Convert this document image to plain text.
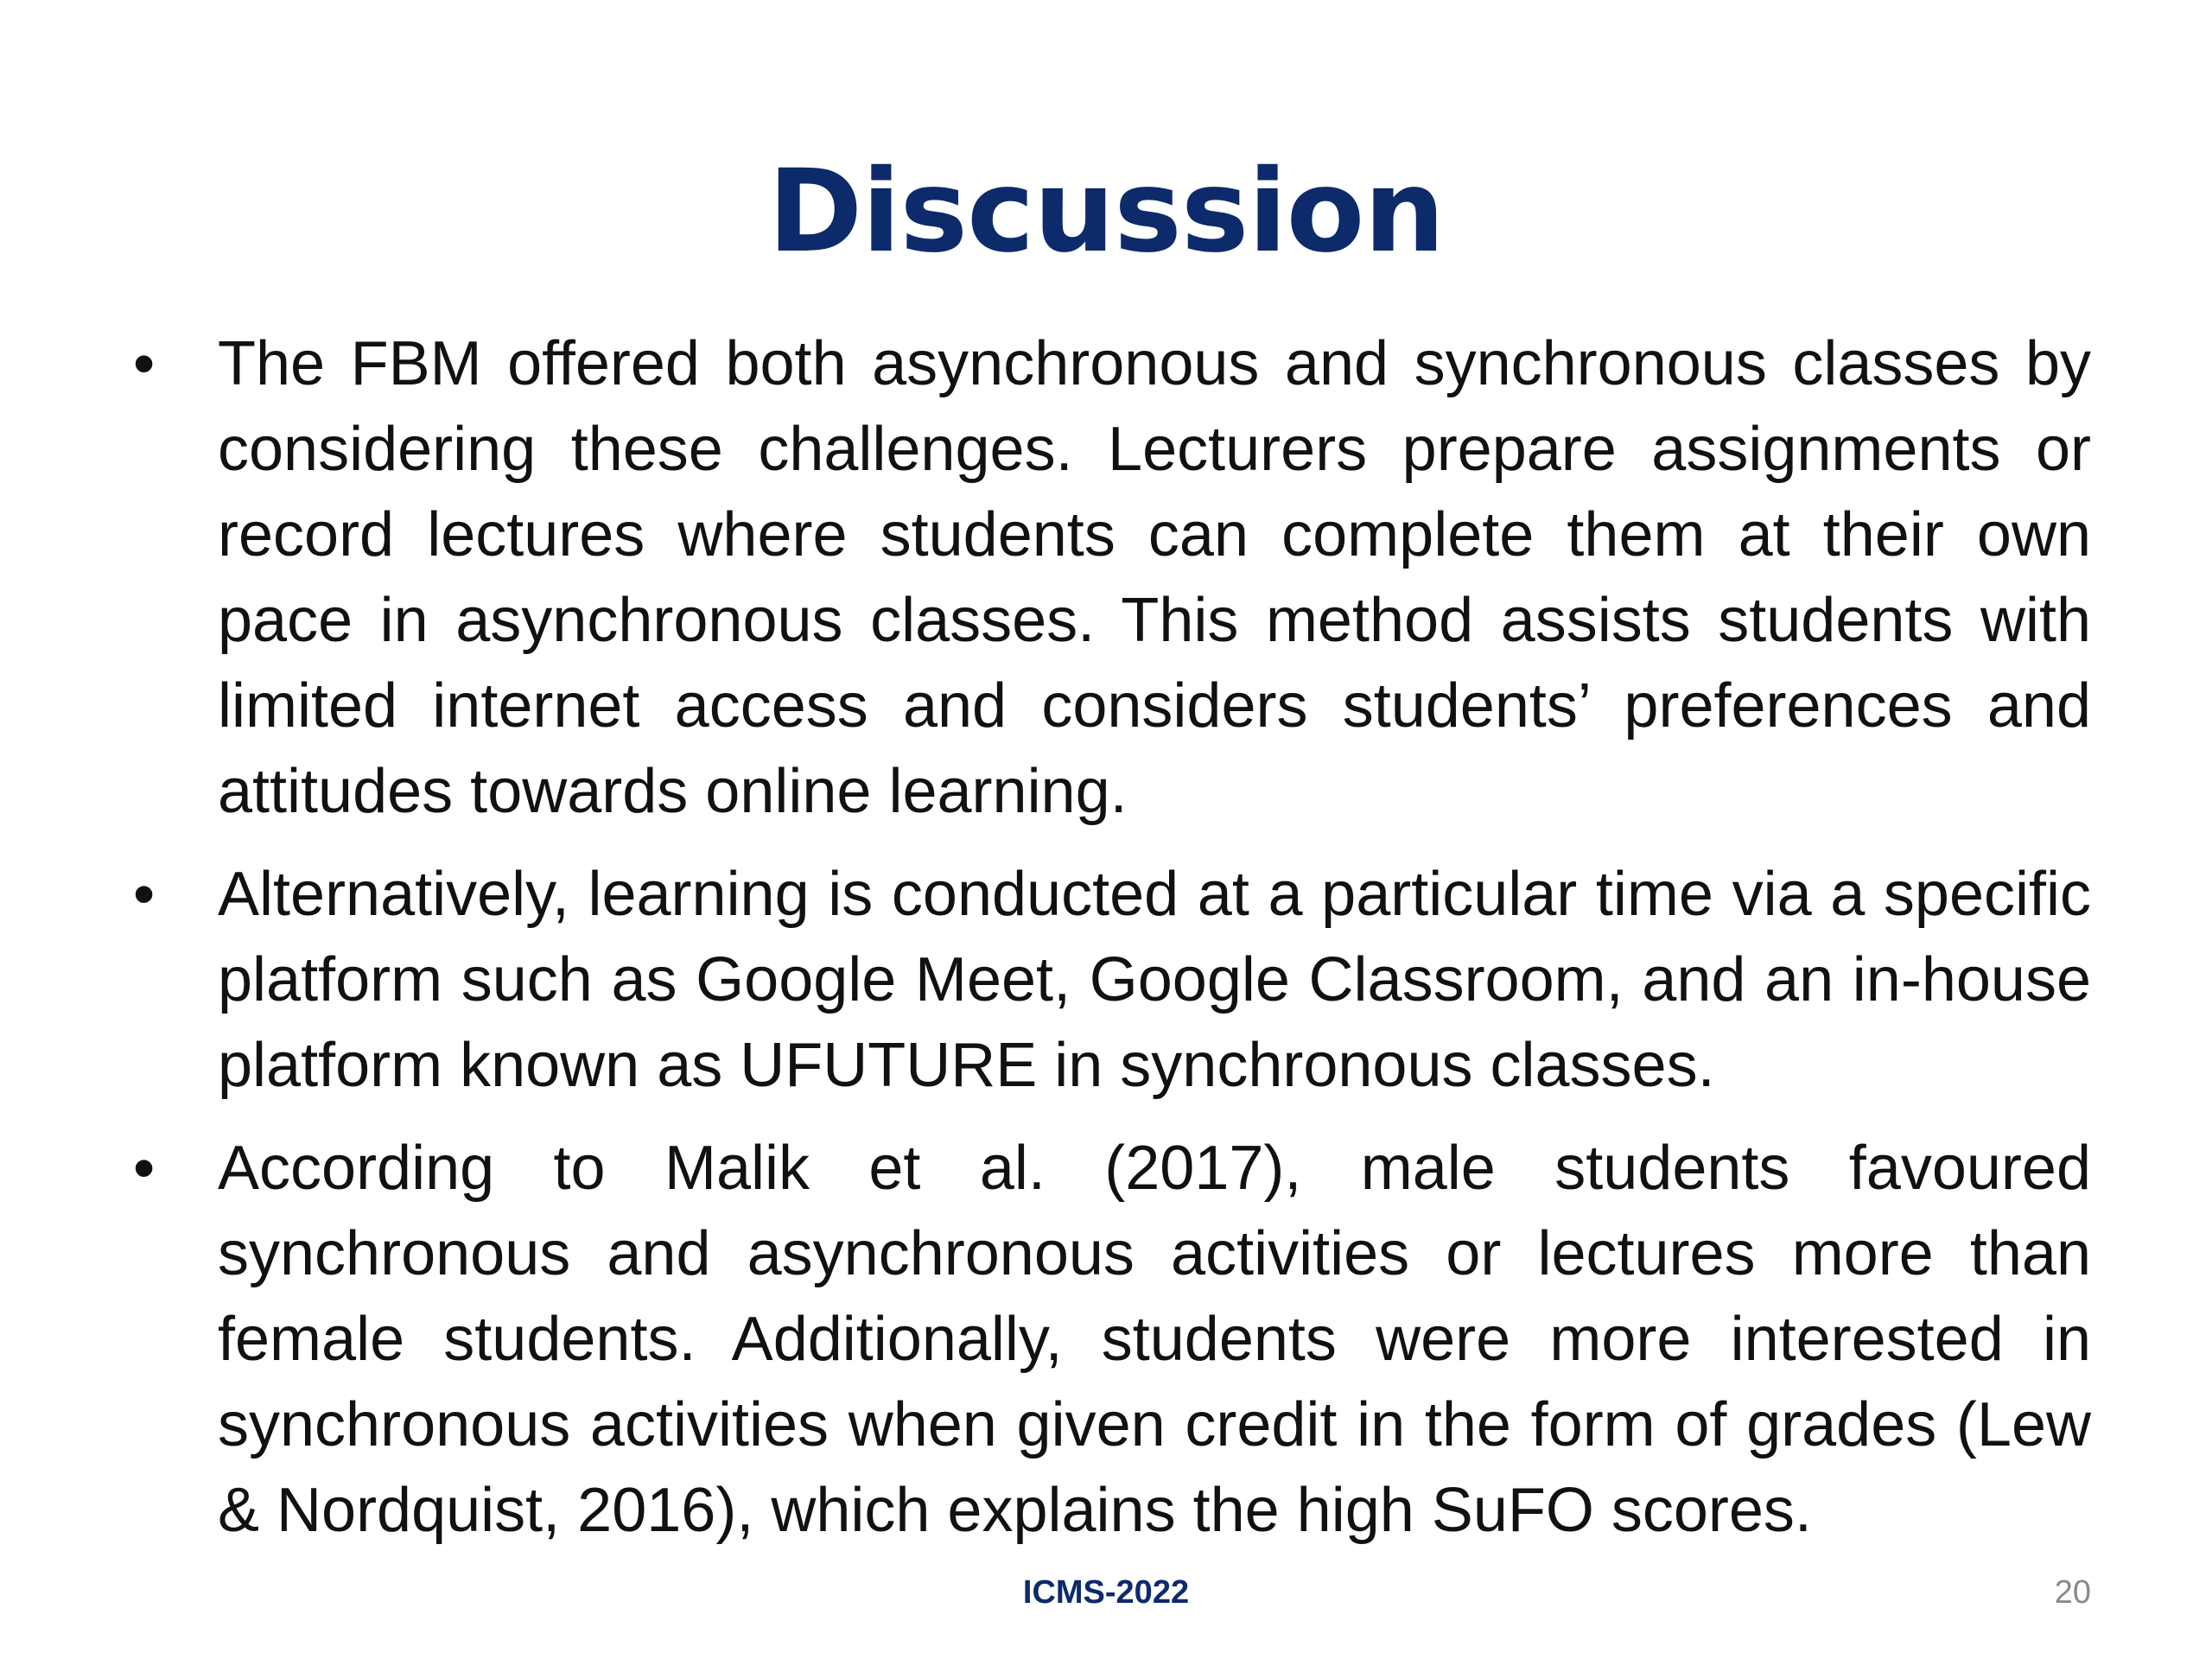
Discussion
•	The FBM offered both asynchronous and synchronous classes by considering these challenges. Lecturers prepare assignments or record lectures where students can complete them at their own pace in asynchronous classes. This method assists students with limited internet access and considers students’ preferences and attitudes towards online learning.
•	Alternatively, learning is conducted at a particular time via a specific platform such as Google Meet, Google Classroom, and an in-house platform known as UFUTURE in synchronous classes.
•	According to Malik et al. (2017), male students favoured synchronous and asynchronous activities or lectures more than female students. Additionally, students were more interested in synchronous activities when given credit in the form of grades (Lew & Nordquist, 2016), which explains the high SuFO scores.
ICMS-2022	20
